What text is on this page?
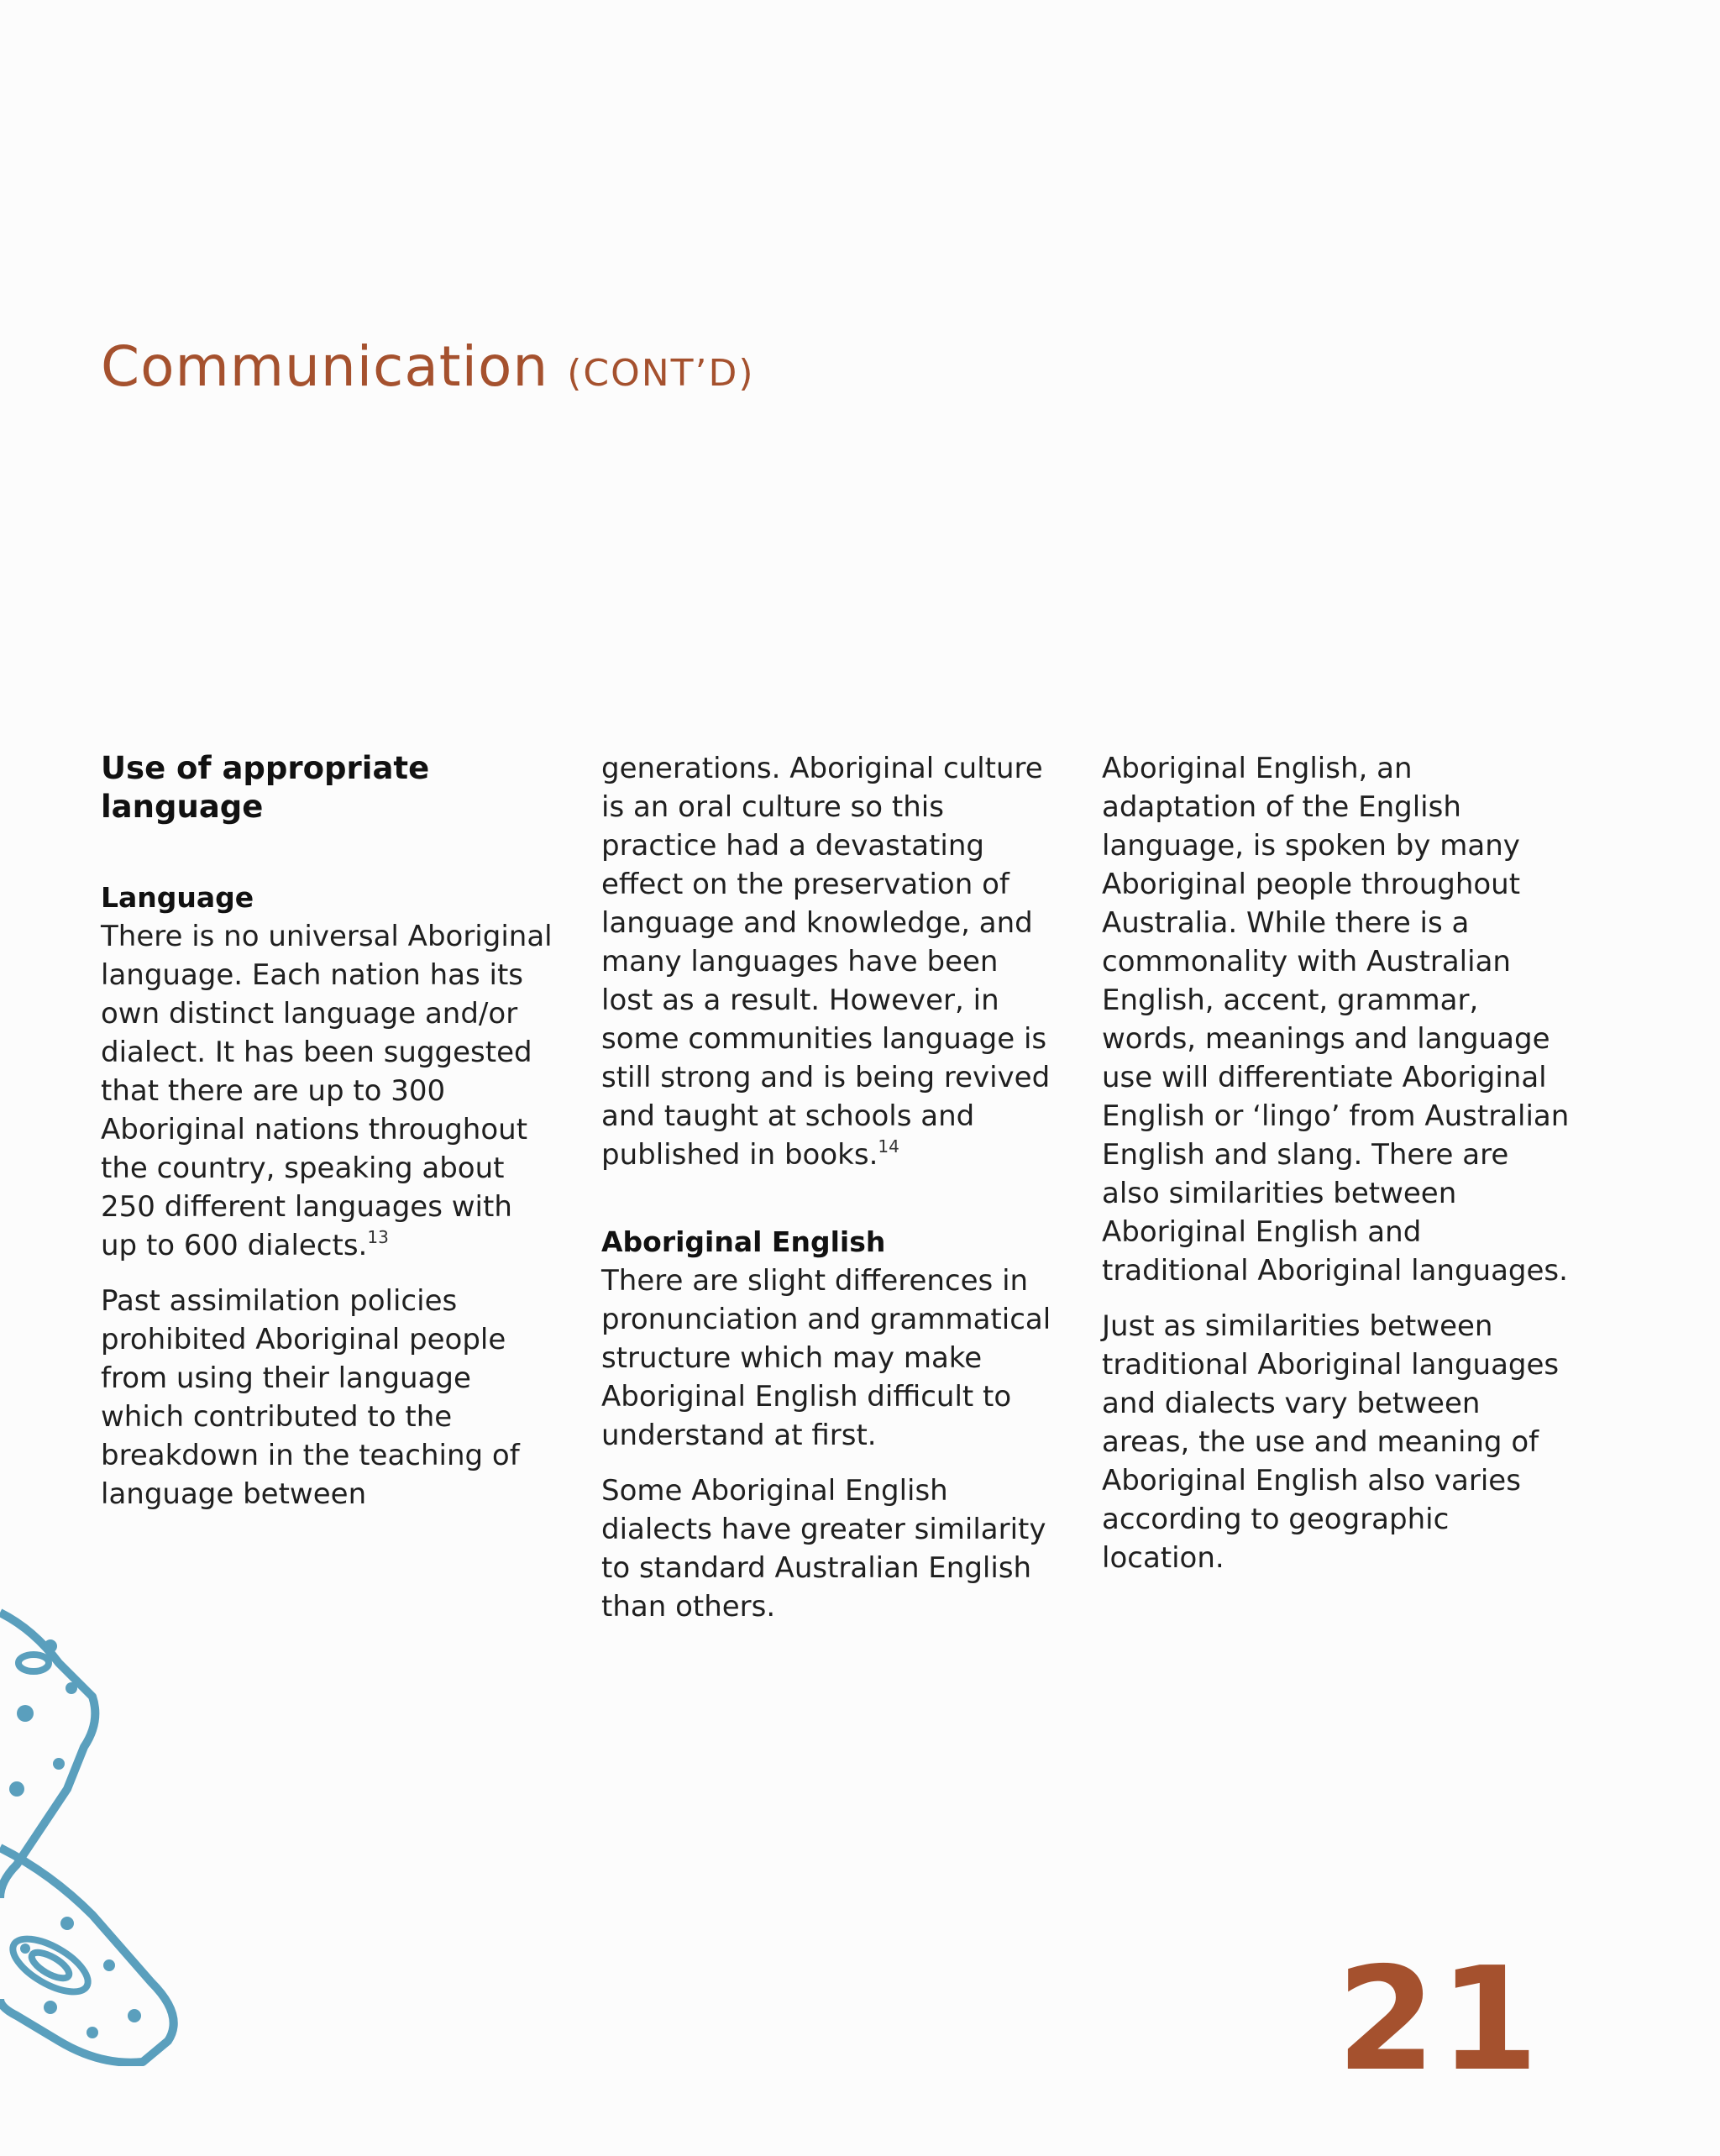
Communication (CONT’D)
Use of appropriate language
Language

There is no universal Aboriginal language. Each nation has its own distinct language and/or dialect. It has been suggested that there are up to 300 Aboriginal nations throughout the country, speaking about 250 different languages with up to 600 dialects.$^{13}$

Past assimilation policies prohibited Aboriginal people from using their language which contributed to the breakdown in the teaching of language between

generations. Aboriginal culture is an oral culture so this practice had a devastating effect on the preservation of language and knowledge, and many languages have been lost as a result. However, in some communities language is still strong and is being revived and taught at schools and published in books.$^{14}$

Aboriginal English

There are slight differences in pronunciation and grammatical structure which may make Aboriginal English difficult to understand at first.

Some Aboriginal English dialects have greater similarity to standard Australian English than others.

Aboriginal English, an adaptation of the English language, is spoken by many Aboriginal people throughout Australia. While there is a commonality with Australian English, accent, grammar, words, meanings and language use will differentiate Aboriginal English or ‘lingo’ from Australian English and slang. There are also similarities between Aboriginal English and traditional Aboriginal languages.

Just as similarities between traditional Aboriginal languages and dialects vary between areas, the use and meaning of Aboriginal English also varies according to geographic location.

21
